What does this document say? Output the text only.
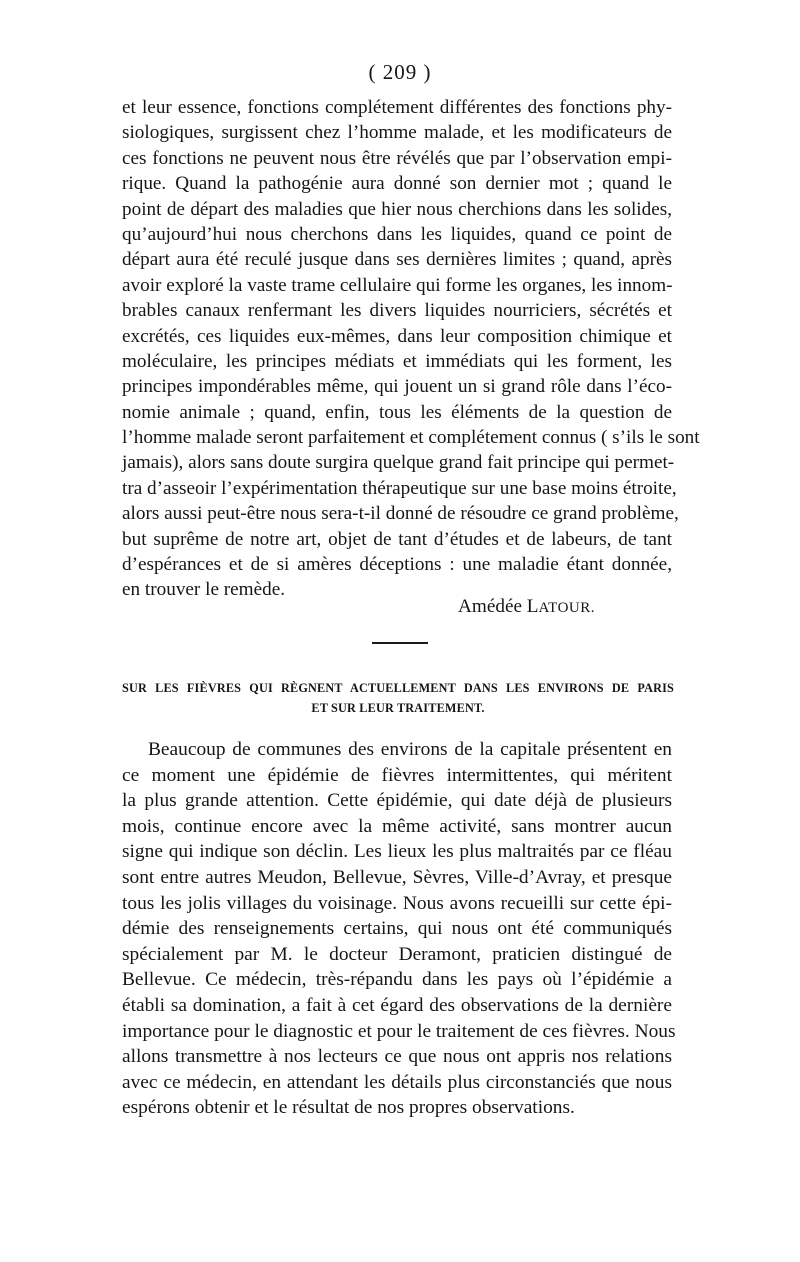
( 209 )
et leur essence, fonctions complétement différentes des fonctions phy-
siologiques, surgissent chez l’homme malade, et les modificateurs de
ces fonctions ne peuvent nous être révélés que par l’observation empi-
rique. Quand la pathogénie aura donné son dernier mot ; quand le
point de départ des maladies que hier nous cherchions dans les solides,
qu’aujourd’hui nous cherchons dans les liquides, quand ce point de
départ aura été reculé jusque dans ses dernières limites ; quand, après
avoir exploré la vaste trame cellulaire qui forme les organes, les innom-
brables canaux renfermant les divers liquides nourriciers, sécrétés et
excrétés, ces liquides eux-mêmes, dans leur composition chimique et
moléculaire, les principes médiats et immédiats qui les forment, les
principes impondérables même, qui jouent un si grand rôle dans l’éco-
nomie animale ; quand, enfin, tous les éléments de la question de
l’homme malade seront parfaitement et complétement connus ( s’ils le sont
jamais), alors sans doute surgira quelque grand fait principe qui permet-
tra d’asseoir l’expérimentation thérapeutique sur une base moins étroite,
alors aussi peut-être nous sera-t-il donné de résoudre ce grand problème,
but suprême de notre art, objet de tant d’études et de labeurs, de tant
d’espérances et de si amères déceptions : une maladie étant donnée,
en trouver le remède.
Amédée LATOUR.
SUR LES FIÈVRES QUI RÈGNENT ACTUELLEMENT DANS LES ENVIRONS DE PARIS
ET SUR LEUR TRAITEMENT.
Beaucoup de communes des environs de la capitale présentent en
ce moment une épidémie de fièvres intermittentes, qui méritent
la plus grande attention. Cette épidémie, qui date déjà de plusieurs
mois, continue encore avec la même activité, sans montrer aucun
signe qui indique son déclin. Les lieux les plus maltraités par ce fléau
sont entre autres Meudon, Bellevue, Sèvres, Ville-d’Avray, et presque
tous les jolis villages du voisinage. Nous avons recueilli sur cette épi-
démie des renseignements certains, qui nous ont été communiqués
spécialement par M. le docteur Deramont, praticien distingué de
Bellevue. Ce médecin, très-répandu dans les pays où l’épidémie a
établi sa domination, a fait à cet égard des observations de la dernière
importance pour le diagnostic et pour le traitement de ces fièvres. Nous
allons transmettre à nos lecteurs ce que nous ont appris nos relations
avec ce médecin, en attendant les détails plus circonstanciés que nous
espérons obtenir et le résultat de nos propres observations.
